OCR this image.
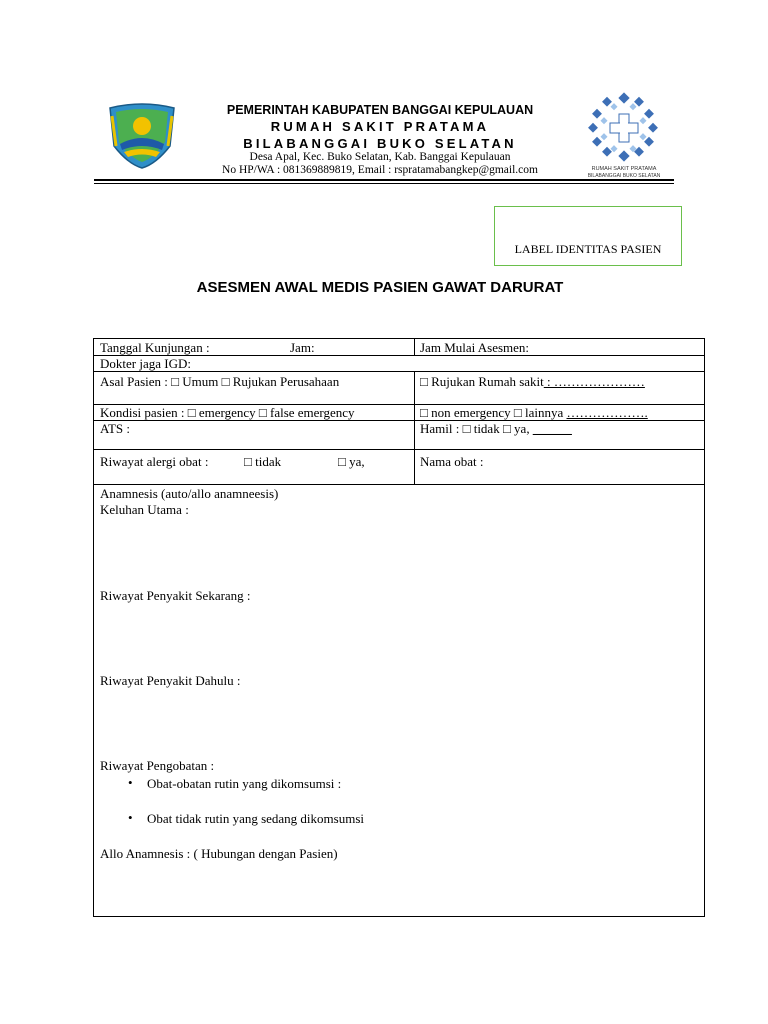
PEMERINTAH KABUPATEN BANGGAI KEPULAUAN
RUMAH SAKIT PRATAMA
BILABANGGAI BUKO SELATAN
Desa Apal, Kec. Buko Selatan, Kab. Banggai Kepulauan
No HP/WA : 081369889819, Email : rspratamabangkep@gmail.com	RUMAH SAKIT PRATAMA
BILABANGGAI BUKO SELATAN
LABEL IDENTITAS PASIEN
ASESMEN AWAL MEDIS PASIEN GAWAT DARURAT
Tanggal Kunjungan :	Jam:	Jam Mulai Asesmen:
Dokter jaga IGD:
Asal Pasien : □ Umum □ Rujukan Perusahaan	□ Rujukan Rumah sakit : …………………
Kondisi pasien : □ emergency □ false emergency	□ non emergency □ lainnya ……………….
ATS :	Hamil : □ tidak □ ya, ______
Riwayat alergi obat :	□ tidak	□ ya,	Nama obat :
Anamnesis (auto/allo anamneesis)
Keluhan Utama :
Riwayat Penyakit Sekarang :
Riwayat Penyakit Dahulu :
Riwayat Pengobatan :
• Obat-obatan rutin yang dikomsumsi :
• Obat tidak rutin yang sedang dikomsumsi
Allo Anamnesis : ( Hubungan dengan Pasien)
